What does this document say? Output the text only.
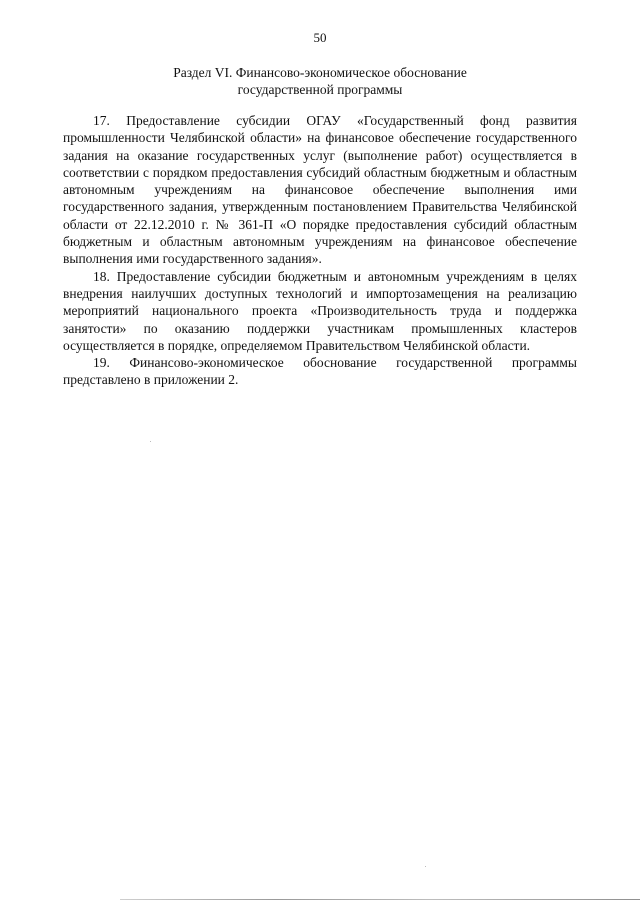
50
Раздел VI. Финансово-экономическое обоснование
государственной программы

17. Предоставление субсидии ОГАУ «Государственный фонд развития промышленности Челябинской области» на финансовое обеспечение государственного задания на оказание государственных услуг (выполнение работ) осуществляется в соответствии с порядком предоставления субсидий областным бюджетным и областным автономным учреждениям на финансовое обеспечение выполнения ими государственного задания, утвержденным постановлением Правительства Челябинской области от 22.12.2010 г. № 361-П «О порядке предоставления субсидий областным бюджетным и областным автономным учреждениям на финансовое обеспечение выполнения ими государственного задания».

18. Предоставление субсидии бюджетным и автономным учреждениям в целях внедрения наилучших доступных технологий и импортозамещения на реализацию мероприятий национального проекта «Производительность труда и поддержка занятости» по оказанию поддержки участникам промышленных кластеров осуществляется в порядке, определяемом Правительством Челябинской области.

19. Финансово-экономическое обоснование государственной программы представлено в приложении 2.
